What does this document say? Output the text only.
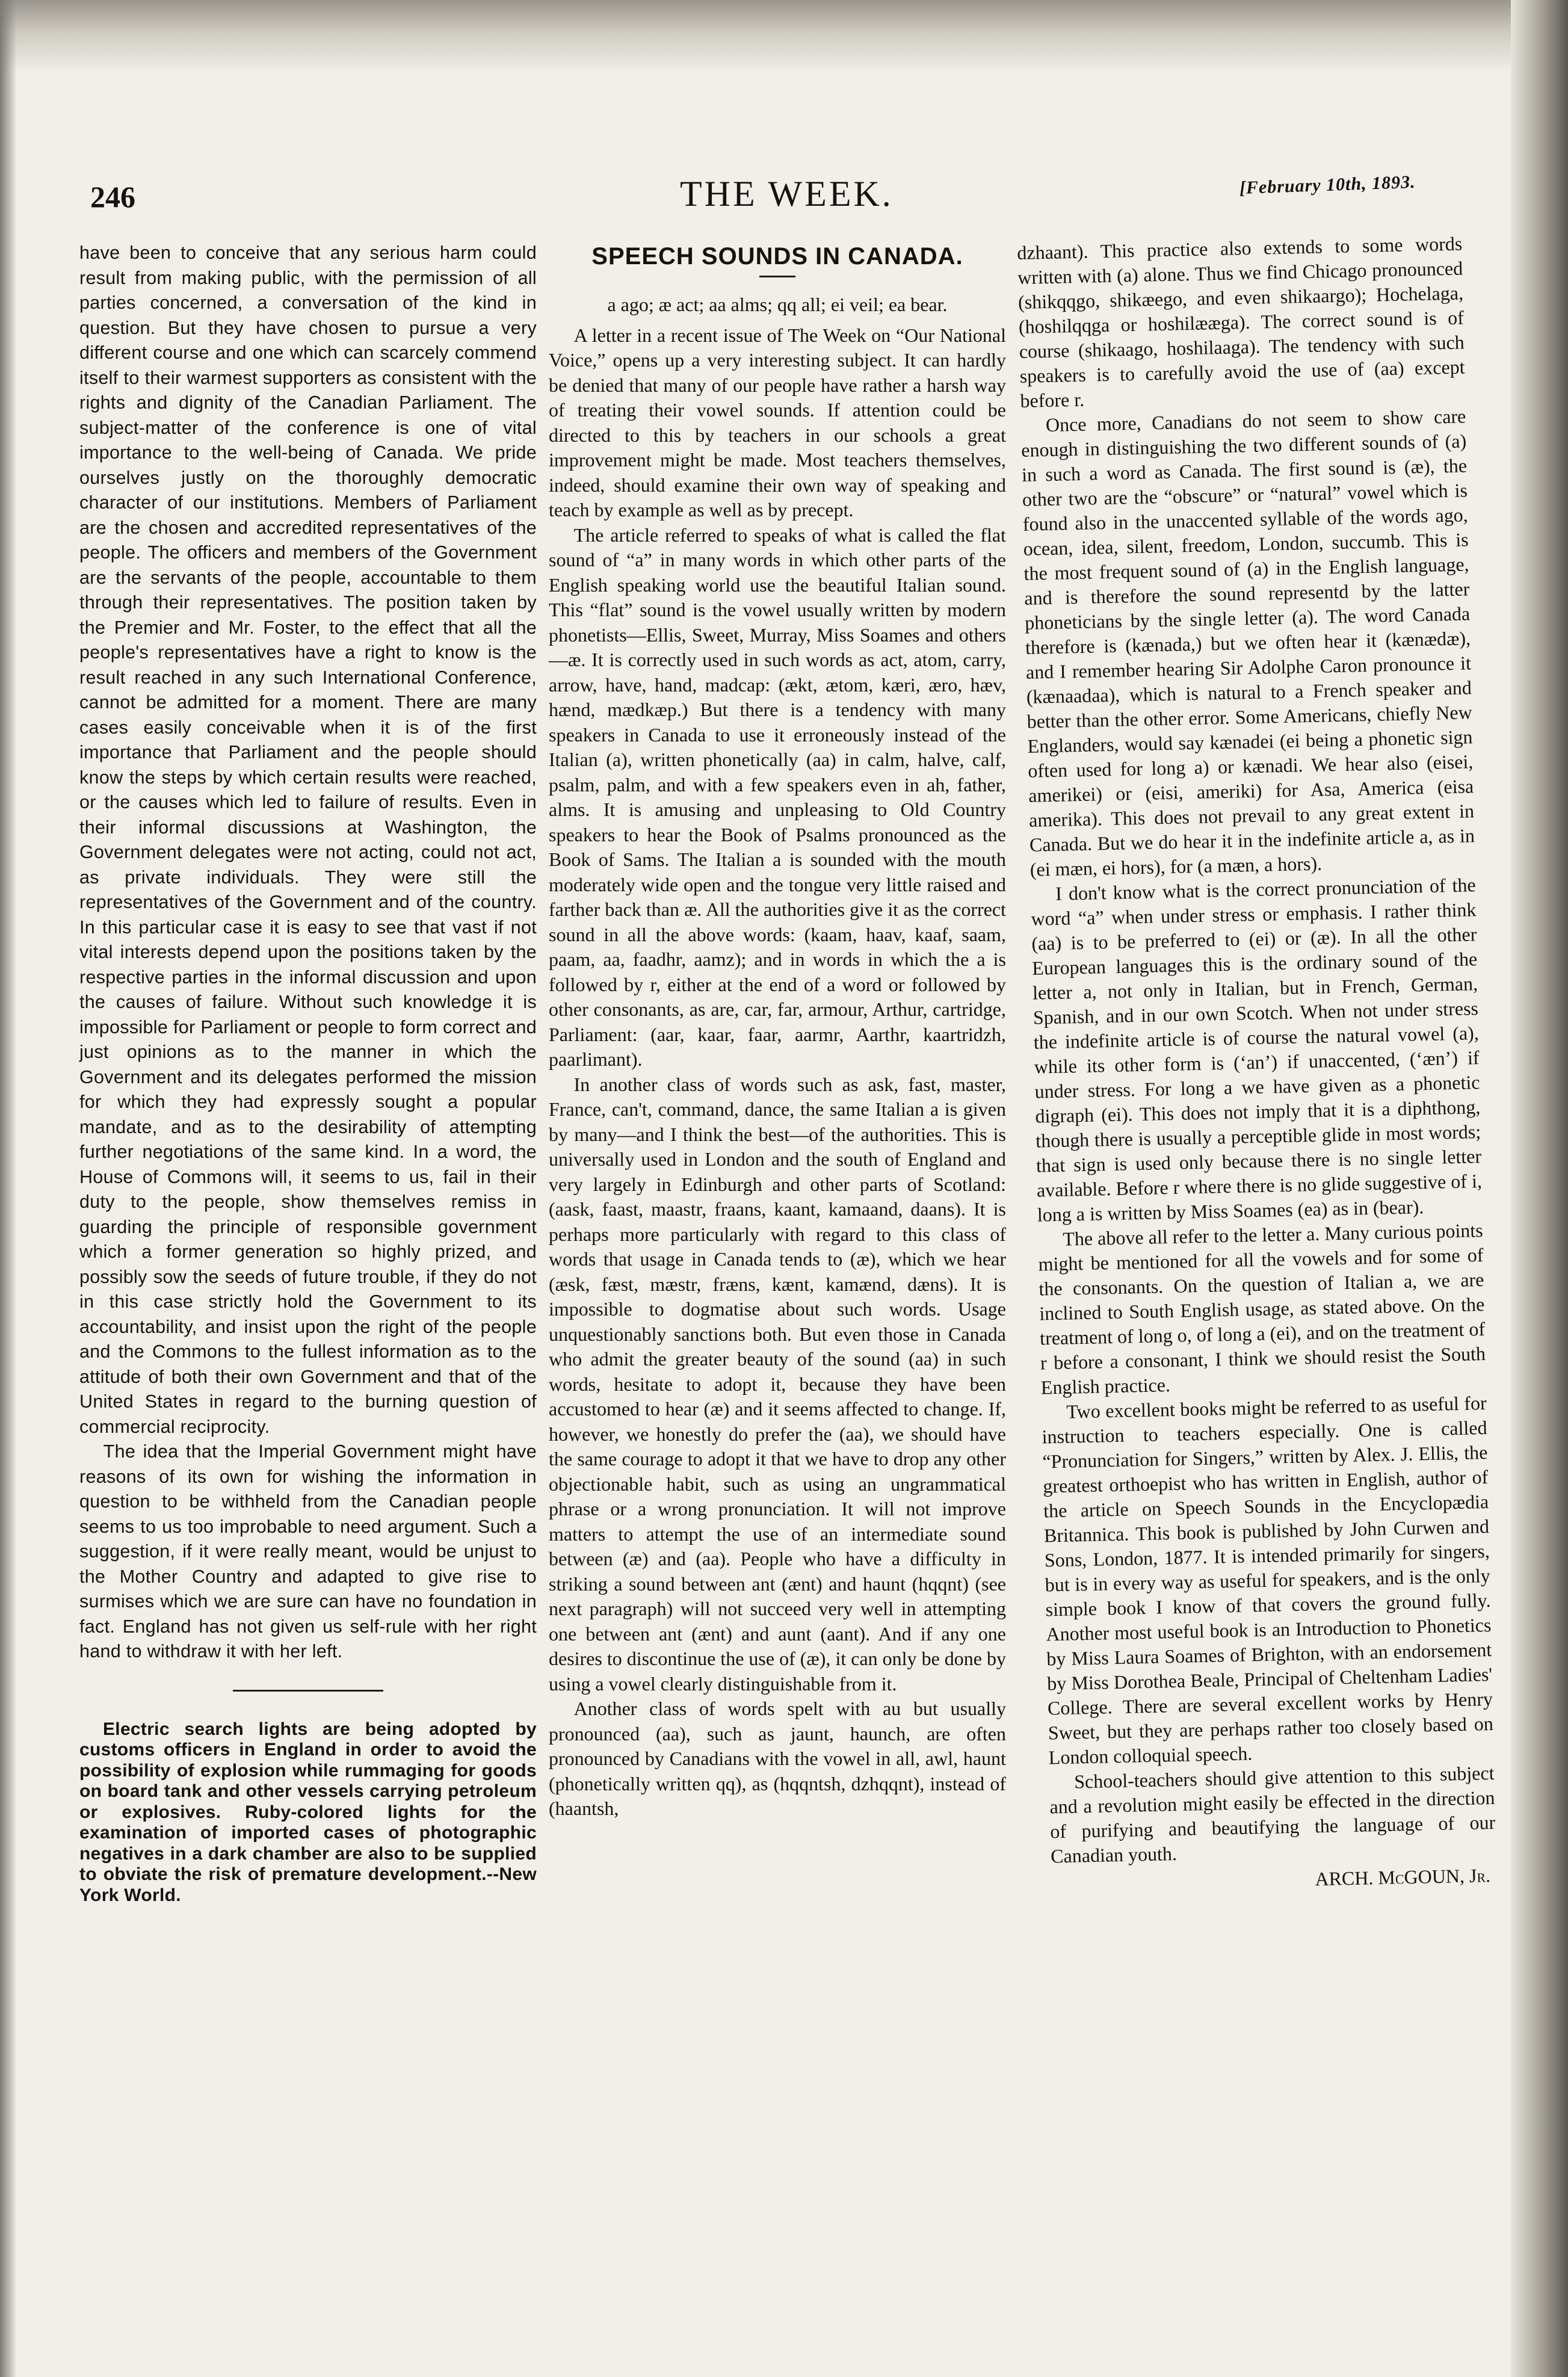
246	THE WEEK.	[February 10th, 1893.

have been to conceive that any serious harm could result from making public, with the permission of all parties concerned, a conversation of the kind in question. But they have chosen to pursue a very different course and one which can scarcely commend itself to their warmest supporters as consistent with the rights and dignity of the Canadian Parliament. The subject-matter of the conference is one of vital importance to the well-being of Canada. We pride ourselves justly on the thoroughly democratic character of our institutions. Members of Parliament are the chosen and accredited representatives of the people. The officers and members of the Government are the servants of the people, accountable to them through their representatives. The position taken by the Premier and Mr. Foster, to the effect that all the people's representatives have a right to know is the result reached in any such International Conference, cannot be admitted for a moment. There are many cases easily conceivable when it is of the first importance that Parliament and the people should know the steps by which certain results were reached, or the causes which led to failure of results. Even in their informal discussions at Washington, the Government delegates were not acting, could not act, as private individuals. They were still the representatives of the Government and of the country. In this particular case it is easy to see that vast if not vital interests depend upon the positions taken by the respective parties in the informal discussion and upon the causes of failure. Without such knowledge it is impossible for Parliament or people to form correct and just opinions as to the manner in which the Government and its delegates performed the mission for which they had expressly sought a popular mandate, and as to the desirability of attempting further negotiations of the same kind. In a word, the House of Commons will, it seems to us, fail in their duty to the people, show themselves remiss in guarding the principle of responsible government which a former generation so highly prized, and possibly sow the seeds of future trouble, if they do not in this case strictly hold the Government to its accountability, and insist upon the right of the people and the Commons to the fullest information as to the attitude of both their own Government and that of the United States in regard to the burning question of commercial reciprocity.

The idea that the Imperial Government might have reasons of its own for wishing the information in question to be withheld from the Canadian people seems to us too improbable to need argument. Such a suggestion, if it were really meant, would be unjust to the Mother Country and adapted to give rise to surmises which we are sure can have no foundation in fact. England has not given us self-rule with her right hand to withdraw it with her left.

Electric search lights are being adopted by customs officers in England in order to avoid the possibility of explosion while rummaging for goods on board tank and other vessels carrying petroleum or explosives. Ruby-colored lights for the examination of imported cases of photographic negatives in a dark chamber are also to be supplied to obviate the risk of premature development.--New York World.

SPEECH SOUNDS IN CANADA.
a ago; æ act; aa alms; qq all; ei veil; ea bear.

A letter in a recent issue of The Week on “Our National Voice,” opens up a very interesting subject. It can hardly be denied that many of our people have rather a harsh way of treating their vowel sounds. If attention could be directed to this by teachers in our schools a great improvement might be made. Most teachers themselves, indeed, should examine their own way of speaking and teach by example as well as by precept.

The article referred to speaks of what is called the flat sound of “a” in many words in which other parts of the English speaking world use the beautiful Italian sound. This “flat” sound is the vowel usually written by modern phonetists—Ellis, Sweet, Murray, Miss Soames and others—æ. It is correctly used in such words as act, atom, carry, arrow, have, hand, madcap: (ækt, ætom, kæri, æro, hæv, hænd, mædkæp.) But there is a tendency with many speakers in Canada to use it erroneously instead of the Italian (a), written phonetically (aa) in calm, halve, calf, psalm, palm, and with a few speakers even in ah, father, alms. It is amusing and unpleasing to Old Country speakers to hear the Book of Psalms pronounced as the Book of Sams. The Italian a is sounded with the mouth moderately wide open and the tongue very little raised and farther back than æ. All the authorities give it as the correct sound in all the above words: (kaam, haav, kaaf, saam, paam, aa, faadhr, aamz); and in words in which the a is followed by r, either at the end of a word or followed by other consonants, as are, car, far, armour, Arthur, cartridge, Parliament: (aar, kaar, faar, aarmr, Aarthr, kaartridzh, paarlimant).

In another class of words such as ask, fast, master, France, can't, command, dance, the same Italian a is given by many—and I think the best—of the authorities. This is universally used in London and the south of England and very largely in Edinburgh and other parts of Scotland: (aask, faast, maastr, fraans, kaant, kamaand, daans). It is perhaps more particularly with regard to this class of words that usage in Canada tends to (æ), which we hear (æsk, fæst, mæstr, fræns, kænt, kamænd, dæns). It is impossible to dogmatise about such words. Usage unquestionably sanctions both. But even those in Canada who admit the greater beauty of the sound (aa) in such words, hesitate to adopt it, because they have been accustomed to hear (æ) and it seems affected to change. If, however, we honestly do prefer the (aa), we should have the same courage to adopt it that we have to drop any other objectionable habit, such as using an ungrammatical phrase or a wrong pronunciation. It will not improve matters to attempt the use of an intermediate sound between (æ) and (aa). People who have a difficulty in striking a sound between ant (ænt) and haunt (hqqnt) (see next paragraph) will not succeed very well in attempting one between ant (ænt) and aunt (aant). And if any one desires to discontinue the use of (æ), it can only be done by using a vowel clearly distinguishable from it.

Another class of words spelt with au but usually pronounced (aa), such as jaunt, haunch, are often pronounced by Canadians with the vowel in all, awl, haunt (phonetically written qq), as (hqqntsh, dzhqqnt), instead of (haantsh,

dzhaant). This practice also extends to some words written with (a) alone. Thus we find Chicago pronounced (shikqqgo, shikæego, and even shikaargo); Hochelaga, (hoshilqqga or hoshilææga). The correct sound is of course (shikaago, hoshilaaga). The tendency with such speakers is to carefully avoid the use of (aa) except before r.

Once more, Canadians do not seem to show care enough in distinguishing the two different sounds of (a) in such a word as Canada. The first sound is (æ), the other two are the “obscure” or “natural” vowel which is found also in the unaccented syllable of the words ago, ocean, idea, silent, freedom, London, succumb. This is the most frequent sound of (a) in the English language, and is therefore the sound representd by the latter phoneticians by the single letter (a). The word Canada therefore is (kænada,) but we often hear it (kænædæ), and I remember hearing Sir Adolphe Caron pronounce it (kænaadaa), which is natural to a French speaker and better than the other error. Some Americans, chiefly New Englanders, would say kænadei (ei being a phonetic sign often used for long a) or kænadi. We hear also (eisei, amerikei) or (eisi, ameriki) for Asa, America (eisa amerika). This does not prevail to any great extent in Canada. But we do hear it in the indefinite article a, as in (ei mæn, ei hors), for (a mæn, a hors).

I don't know what is the correct pronunciation of the word “a” when under stress or emphasis. I rather think (aa) is to be preferred to (ei) or (æ). In all the other European languages this is the ordinary sound of the letter a, not only in Italian, but in French, German, Spanish, and in our own Scotch. When not under stress the indefinite article is of course the natural vowel (a), while its other form is (‘an’) if unaccented, (‘æn’) if under stress. For long a we have given as a phonetic digraph (ei). This does not imply that it is a diphthong, though there is usually a perceptible glide in most words; that sign is used only because there is no single letter available. Before r where there is no glide suggestive of i, long a is written by Miss Soames (ea) as in (bear).

The above all refer to the letter a. Many curious points might be mentioned for all the vowels and for some of the consonants. On the question of Italian a, we are inclined to South English usage, as stated above. On the treatment of long o, of long a (ei), and on the treatment of r before a consonant, I think we should resist the South English practice.

Two excellent books might be referred to as useful for instruction to teachers especially. One is called “Pronunciation for Singers,” written by Alex. J. Ellis, the greatest orthoepist who has written in English, author of the article on Speech Sounds in the Encyclopædia Britannica. This book is published by John Curwen and Sons, London, 1877. It is intended primarily for singers, but is in every way as useful for speakers, and is the only simple book I know of that covers the ground fully. Another most useful book is an Introduction to Phonetics by Miss Laura Soames of Brighton, with an endorsement by Miss Dorothea Beale, Principal of Cheltenham Ladies' College. There are several excellent works by Henry Sweet, but they are perhaps rather too closely based on London colloquial speech.

School-teachers should give attention to this subject and a revolution might easily be effected in the direction of purifying and beautifying the language of our Canadian youth.

ARCH. McGOUN, Jr.
